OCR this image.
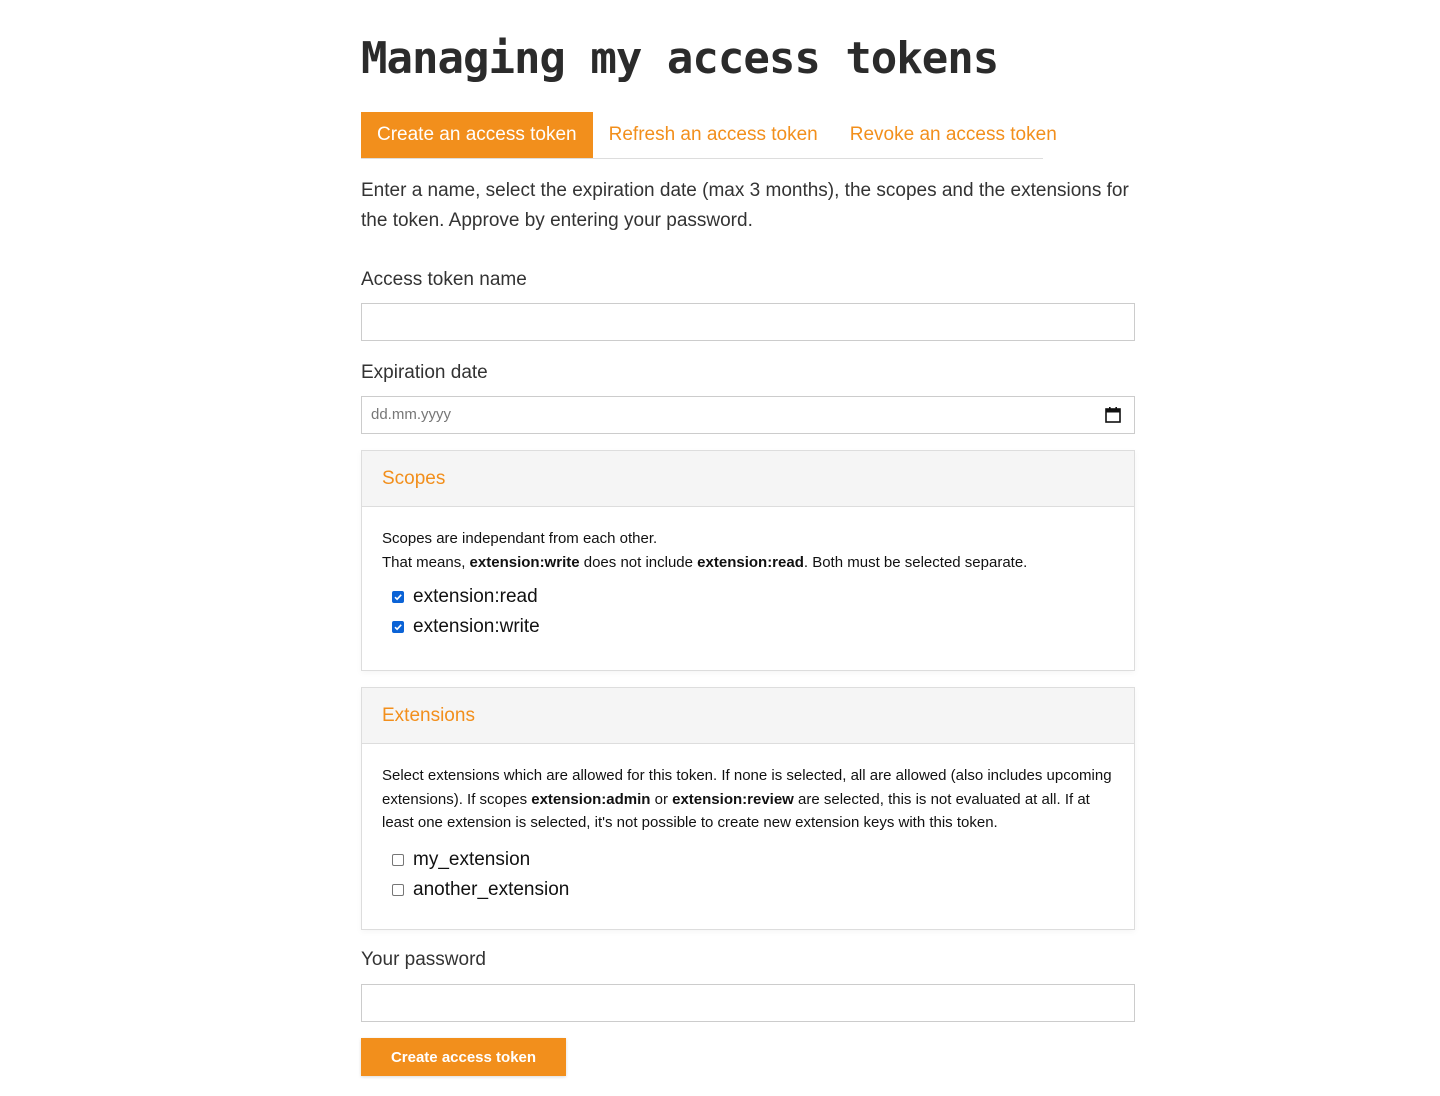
Managing my access tokens
Create an access token	Refresh an access token	Revoke an access token

Enter a name, select the expiration date (max 3 months), the scopes and the extensions for the token. Approve by entering your password.

Access token name
Expiration date
dd.mm.yyyy
Scopes
Scopes are independant from each other.
That means, extension:write does not include extension:read. Both must be selected separate.
extension:read
extension:write
Extensions
Select extensions which are allowed for this token. If none is selected, all are allowed (also includes upcoming extensions). If scopes extension:admin or extension:review are selected, this is not evaluated at all. If at least one extension is selected, it's not possible to create new extension keys with this token.
my_extension
another_extension
Your password
Create access token
